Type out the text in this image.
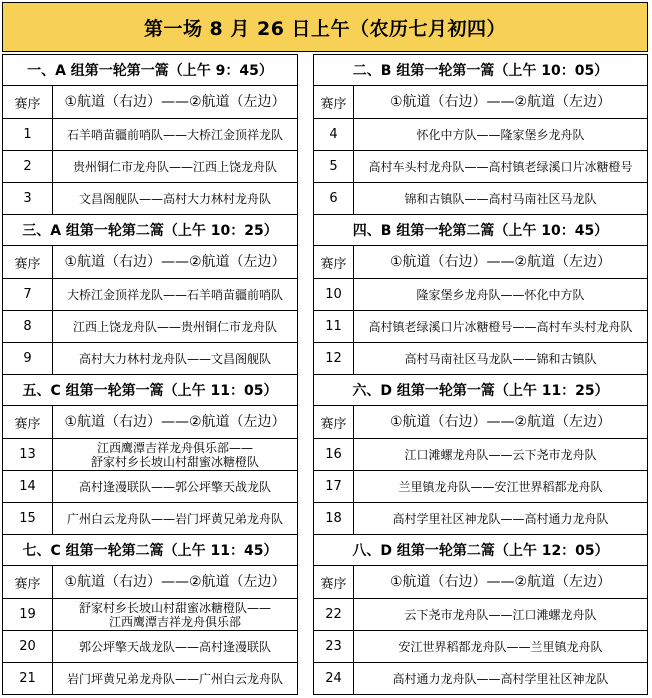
第一场 8 月 26 日上午（农历七月初四）
一、A 组第一轮第一篙（上午 9：45）
赛序	①航道（右边）——②航道（左边）
1	石羊哨苗疆前哨队——大桥江金顶祥龙队
2	贵州铜仁市龙舟队——江西上饶龙舟队
3	文昌阁舰队——高村大力林村龙舟队
三、A 组第一轮第二篙（上午 10：25）
赛序	①航道（右边）——②航道（左边）
7	大桥江金顶祥龙队——石羊哨苗疆前哨队
8	江西上饶龙舟队——贵州铜仁市龙舟队
9	高村大力林村龙舟队——文昌阁舰队
五、C 组第一轮第一篙（上午 11：05）
赛序	①航道（右边）——②航道（左边）
13	江西鹰潭吉祥龙舟俱乐部——
舒家村乡长坡山村甜蜜冰糖橙队
14	高村逢漫联队——郭公坪擎天战龙队
15	广州白云龙舟队——岩门坪黄兄弟龙舟队
七、C 组第一轮第二篙（上午 11：45）
赛序	①航道（右边）——②航道（左边）
19	舒家村乡长坡山村甜蜜冰糖橙队——
江西鹰潭吉祥龙舟俱乐部
20	郭公坪擎天战龙队——高村逢漫联队
21	岩门坪黄兄弟龙舟队——广州白云龙舟队
二、B 组第一轮第一篙（上午 10：05）
赛序	①航道（右边）——②航道（左边）
4	怀化中方队——隆家堡乡龙舟队
5	高村车头村龙舟队——高村镇老绿溪口片冰糖橙号
6	锦和古镇队——高村马南社区马龙队
四、B 组第一轮第二篙（上午 10：45）
赛序	①航道（右边）——②航道（左边）
10	隆家堡乡龙舟队——怀化中方队
11	高村镇老绿溪口片冰糖橙号——高村车头村龙舟队
12	高村马南社区马龙队——锦和古镇队
六、D 组第一轮第一篙（上午 11：25）
赛序	①航道（右边）——②航道（左边）
16	江口滩螺龙舟队——云下尧市龙舟队
17	兰里镇龙舟队——安江世界稻都龙舟队
18	高村学里社区神龙队——高村通力龙舟队
八、D 组第一轮第二篙（上午 12：05）
赛序	①航道（右边）——②航道（左边）
22	云下尧市龙舟队——江口滩螺龙舟队
23	安江世界稻都龙舟队——兰里镇龙舟队
24	高村通力龙舟队——高村学里社区神龙队
